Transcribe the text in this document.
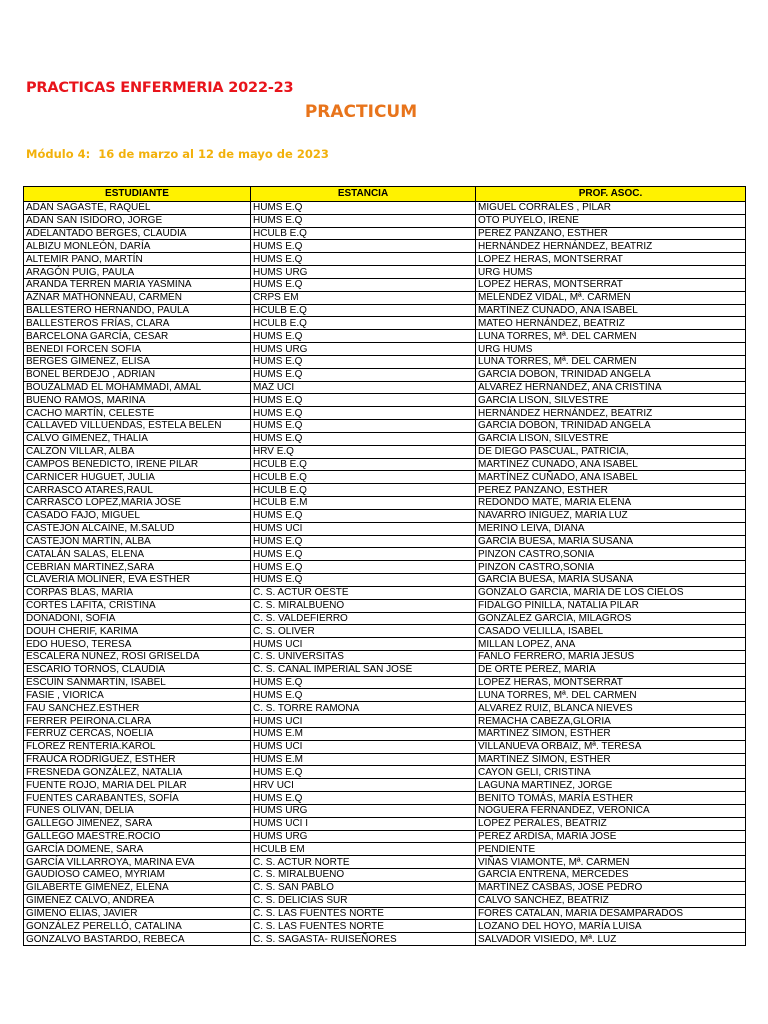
PRACTICAS ENFERMERIA 2022-23
PRACTICUM
Módulo 4:  16 de marzo al 12 de mayo de 2023
ESTUDIANTE	ESTANCIA	PROF. ASOC.
ADÁN SAGASTE, RAQUEL	HUMS E.Q	MIGUEL CORRALES , PILAR
ADAN SAN ISIDORO, JORGE	HUMS E.Q	OTO PUYELO, IRENE
ADELANTADO BERGES, CLAUDIA	HCULB E.Q	PEREZ PANZANO, ESTHER
ALBIZU MONLEÓN, DARÍA	HUMS E.Q	HERNÁNDEZ HERNÁNDEZ, BEATRIZ
ALTEMIR PANO, MARTÍN	HUMS E.Q	LOPEZ HERAS, MONTSERRAT
ARAGÓN PUIG, PAULA	HUMS URG	URG HUMS
ARANDA TERREN MARIA YASMINA	HUMS E.Q	LOPEZ HERAS, MONTSERRAT
AZNAR MATHONNEAU, CARMEN	CRPS EM	MELENDEZ VIDAL, Mª. CARMEN
BALLESTERO HERNANDO, PAULA	HCULB E.Q	MARTÍNEZ CUÑADO, ANA ISABEL
BALLESTEROS FRÍAS, CLARA	HCULB E.Q	MATEO HERNÁNDEZ, BEATRIZ
BARCELONA GARCÍA, CESAR	HUMS E.Q	LUNA TORRES, Mª. DEL CARMEN
BENEDI FORCEN SOFIA	HUMS URG	URG HUMS
BERGES GIMÉNEZ, ELISA	HUMS E.Q	LUNA TORRES, Mª. DEL CARMEN
BONEL BERDEJO , ADRIAN	HUMS E.Q	GARCIA DOBON, TRINIDAD ANGELA
BOUZALMAD EL MOHAMMADI, AMAL	MAZ UCI	ALVAREZ HERNANDEZ, ANA CRISTINA
BUENO RAMOS, MARINA	HUMS E.Q	GARCIA LISON, SILVESTRE
CACHO MARTÍN, CELESTE	HUMS E.Q	HERNÁNDEZ HERNÁNDEZ, BEATRIZ
CALLAVED VILLUENDAS, ESTELA BELÉN	HUMS E.Q	GARCIA DOBON, TRINIDAD ANGELA
CALVO GIMÉNEZ, THALIA	HUMS E.Q	GARCIA LISON, SILVESTRE
CALZÓN VILLAR, ALBA	HRV E.Q	DE DIEGO PASCUAL, PATRICIA,
CAMPOS BENEDICTO, IRENE PILAR	HCULB E.Q	MARTÍNEZ CUÑADO, ANA ISABEL
CARNICER HUGUET, JULIA	HCULB E.Q	MARTÍNEZ CUÑADO, ANA ISABEL
CARRASCO ATARES,RAUL	HCULB E.Q	PEREZ PANZANO, ESTHER
CARRASCO LOPEZ,MARIA JOSE	HCULB E.M	REDONDO MATE, MARIA ELENA
CASADO FAJO, MIGUEL	HUMS E.Q	NAVARRO IÑIGUEZ, MARIA LUZ
CASTEJON ALCAINE, M.SALUD	HUMS UCI	MERINO LEIVA, DIANA
CASTEJÓN MARTÍN, ALBA	HUMS E.Q	GARCÍA BUESA, MARÍA SUSANA
CATALÁN SALAS, ELENA	HUMS E.Q	PINZON CASTRO,SONIA
CEBRIAN MARTINEZ,SARA	HUMS E.Q	PINZON CASTRO,SONIA
CLAVERÍA MOLINER, EVA ESTHER	HUMS E.Q	GARCÍA BUESA, MARÍA SUSANA
CORPAS BLAS, MARÍA	C. S. ACTUR OESTE	GONZALO GARCÍA, MARÍA DE LOS CIELOS
CORTÉS LAFITA, CRISTINA	C. S. MIRALBUENO	FIDALGO PINILLA, NATALIA PILAR
DONADONI, SOFIA	C. S. VALDEFIERRO	GONZÁLEZ GARCÍA, MILAGROS
DOUH CHERIF, KARIMA	C. S. OLIVER	CASADO VELILLA, ISABEL
EDO HUESO, TERESA	HUMS UCI	MILLAN LOPEZ, ANA
ESCALERA NÚÑEZ, ROSI GRISELDA	C. S. UNIVERSITAS	FANLO FERRERO, MARÍA JESÚS
ESCARIO TORNOS, CLAUDIA	C. S. CANAL IMPERIAL SAN JOSÉ	DE ORTE PÉREZ, MARÍA
ESCUÍN SANMARTÍN, ISABEL	HUMS E.Q	LOPEZ HERAS, MONTSERRAT
FASIE , VIORICA	HUMS E.Q	LUNA TORRES, Mª. DEL CARMEN
FAU SANCHEZ.ESTHER	C. S. TORRE RAMONA	ALVAREZ RUIZ, BLANCA NIEVES
FERRER PEIRONA.CLARA	HUMS UCI	REMACHA CABEZA,GLORIA
FERRUZ CERCAS, NOELIA	HUMS E.M	MARTINEZ SIMON, ESTHER
FLOREZ RENTERIA.KAROL	HUMS UCI	VILLANUEVA ORBAIZ, Mª. TERESA
FRAUCA RODRÍGUEZ, ESTHER	HUMS E.M	MARTINEZ SIMON, ESTHER
FRESNEDA GONZÁLEZ, NATALIA	HUMS E.Q	CAYON GELI, CRISTINA
FUENTE ROJO, MARIA DEL PILAR	HRV UCI	LAGUNA MARTINEZ, JORGE
FUENTES CARABANTES, SOFÍA	HUMS E.Q	BENITO TOMÁS, MARÍA ESTHER
FUNES OLIVÁN, DELIA	HUMS URG	NOGUERA FERNANDEZ, VERONICA
GALLEGO JIMENEZ, SARA	HUMS UCI I	LOPEZ PERALES, BEATRIZ
GALLEGO MAESTRE.ROCIO	HUMS URG	PEREZ ARDISA, MARIA JOSE
GARCÍA DOMENE, SARA	HCULB EM	PENDIENTE
GARCÍA VILLARROYA, MARINA EVA	C. S. ACTUR NORTE	VIÑAS VIAMONTE, Mª. CARMEN
GAUDIOSO CAMEO, MYRIAM	C. S. MIRALBUENO	GARCÍA ENTRENA, MERCEDES
GILABERTE GIMÉNEZ, ELENA	C. S. SAN PABLO	MARTÍNEZ CASBAS, JOSÉ PEDRO
GIMÉNEZ CALVO, ANDREA	C. S. DELICIAS SUR	CALVO SANCHEZ, BEATRIZ
GIMENO ELÍAS, JAVIER	C. S. LAS FUENTES NORTE	FORES CATALAN, MARIA DESAMPARADOS
GONZÁLEZ PERELLÓ, CATALINA	C. S. LAS FUENTES NORTE	LOZANO DEL HOYO, MARÍA LUISA
GONZALVO BASTARDO, REBECA	C. S. SAGASTA- RUISEÑORES	SALVADOR VISIEDO, Mª. LUZ
